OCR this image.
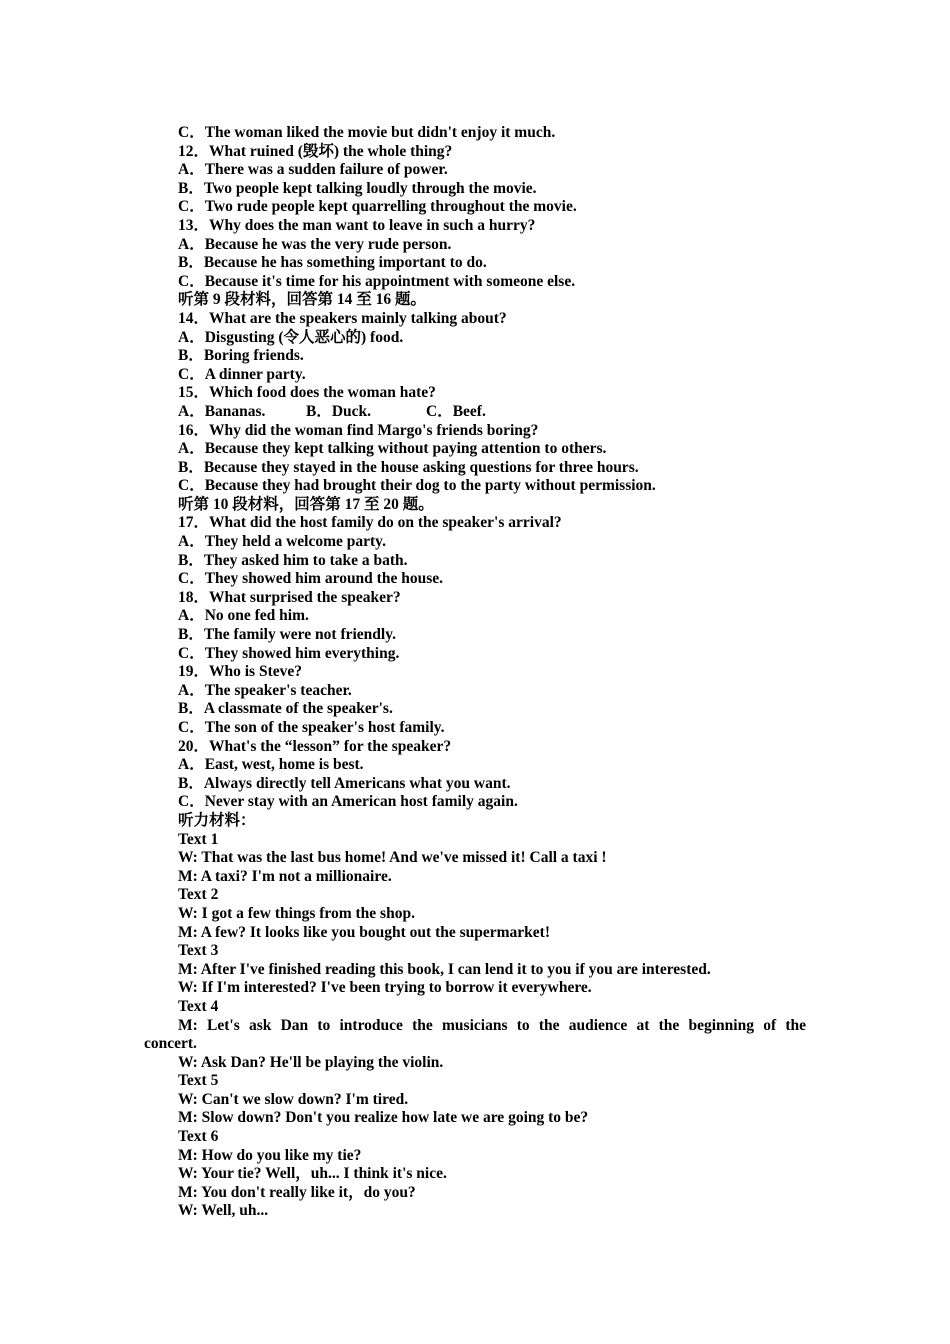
C．The woman liked the movie but didn't enjoy it much.
12．What ruined (毁坏) the whole thing?
A．There was a sudden failure of power.
B．Two people kept talking loudly through the movie.
C．Two rude people kept quarrelling throughout the movie.
13．Why does the man want to leave in such a hurry?
A．Because he was the very rude person.
B．Because he has something important to do.
C．Because it's time for his appointment with someone else.
听第 9 段材料，回答第 14 至 16 题。
14．What are the speakers mainly talking about?
A．Disgusting (令人恶心的) food.
B．Boring friends.
C．A dinner party.
15．Which food does the woman hate?
A．Bananas.	B．Duck.	C．Beef.
16．Why did the woman find Margo's friends boring?
A．Because they kept talking without paying attention to others.
B．Because they stayed in the house asking questions for three hours.
C．Because they had brought their dog to the party without permission.
听第 10 段材料，回答第 17 至 20 题。
17．What did the host family do on the speaker's arrival?
A．They held a welcome party.
B．They asked him to take a bath.
C．They showed him around the house.
18．What surprised the speaker?
A．No one fed him.
B．The family were not friendly.
C．They showed him everything.
19．Who is Steve?
A．The speaker's teacher.
B．A classmate of the speaker's.
C．The son of the speaker's host family.
20．What's the “lesson” for the speaker?
A．East, west, home is best.
B．Always directly tell Americans what you want.
C．Never stay with an American host family again.
听力材料：
Text 1
W: That was the last bus home! And we've missed it! Call a taxi !
M: A taxi? I'm not a millionaire.
Text 2
W: I got a few things from the shop.
M: A few? It looks like you bought out the supermarket!
Text 3
M: After I've finished reading this book, I can lend it to you if you are interested.
W: If I'm interested? I've been trying to borrow it everywhere.
Text 4
M: Let's ask Dan to introduce the musicians to the audience at the beginning of the
concert.
W: Ask Dan? He'll be playing the violin.
Text 5
W: Can't we slow down? I'm tired.
M: Slow down? Don't you realize how late we are going to be?
Text 6
M: How do you like my tie?
W: Your tie? Well，uh... I think it's nice.
M: You don't really like it，do you?
W: Well, uh...
